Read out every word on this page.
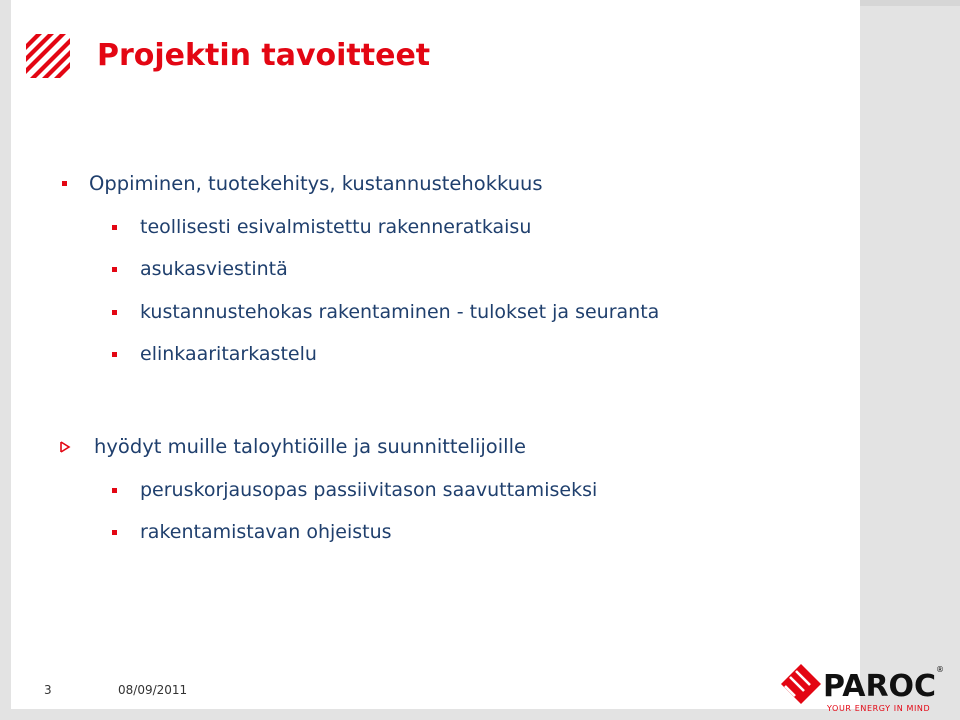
Projektin tavoitteet
Oppiminen, tuotekehitys, kustannustehokkuus
teollisesti esivalmistettu rakenneratkaisu
asukasviestintä
kustannustehokas rakentaminen - tulokset ja seuranta
elinkaaritarkastelu
hyödyt muille taloyhtiöille ja suunnittelijoille
peruskorjausopas passiivitason saavuttamiseksi
rakentamistavan ohjeistus
3	08/09/2011	PAROC ®
YOUR ENERGY IN MIND
